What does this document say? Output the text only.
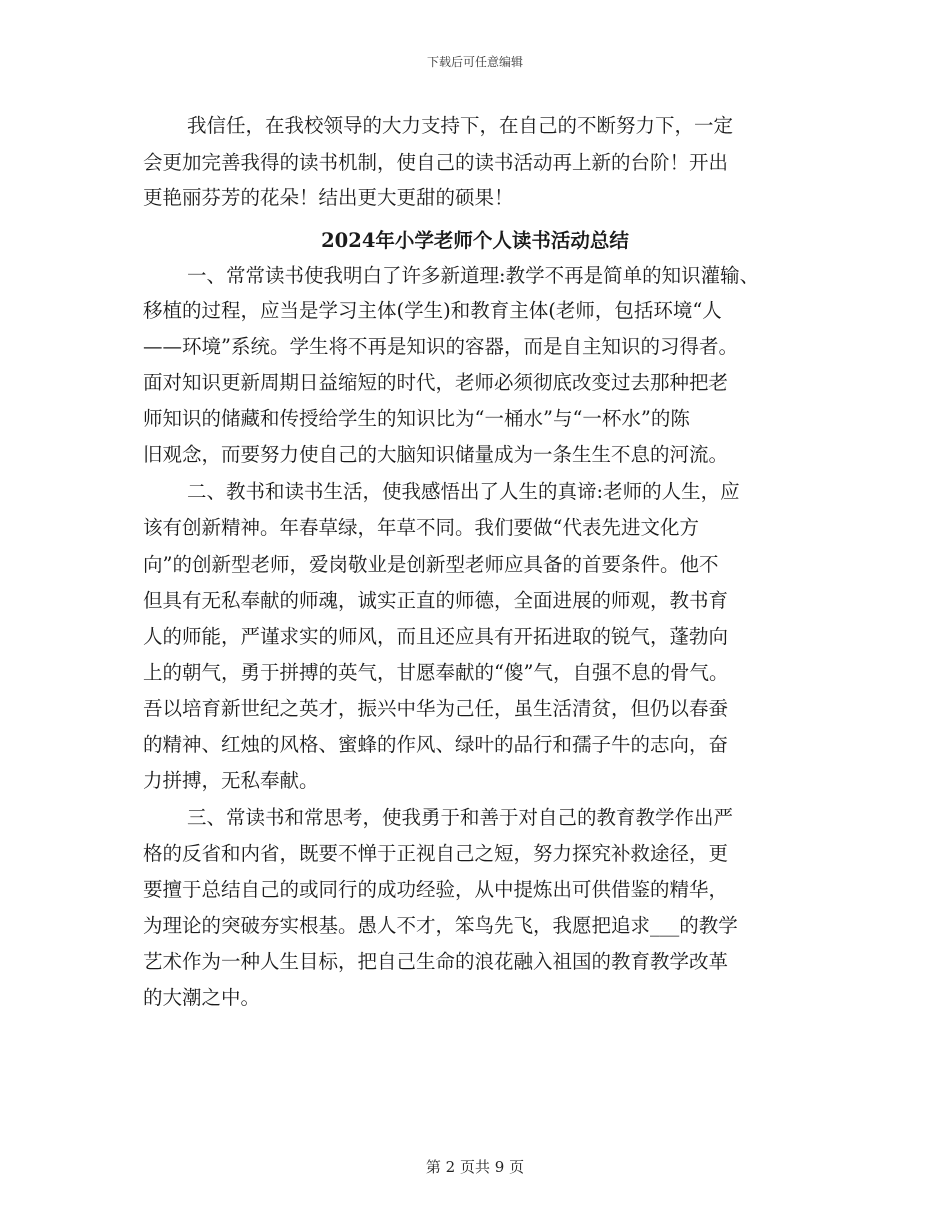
下载后可任意编辑
我信任，在我校领导的大力支持下，在自己的不断努力下，一定
会更加完善我得的读书机制，使自己的读书活动再上新的台阶！开出
更艳丽芬芳的花朵！结出更大更甜的硕果！
2024年小学老师个人读书活动总结
一、常常读书使我明白了许多新道理:教学不再是简单的知识灌输、
移植的过程，应当是学习主体(学生)和教育主体(老师，包括环境“人
——环境”系统。学生将不再是知识的容器，而是自主知识的习得者。
面对知识更新周期日益缩短的时代，老师必须彻底改变过去那种把老
师知识的储藏和传授给学生的知识比为“一桶水”与“一杯水”的陈
旧观念，而要努力使自己的大脑知识储量成为一条生生不息的河流。
二、教书和读书生活，使我感悟出了人生的真谛:老师的人生，应
该有创新精神。年春草绿，年草不同。我们要做“代表先进文化方
向”的创新型老师，爱岗敬业是创新型老师应具备的首要条件。他不
但具有无私奉献的师魂，诚实正直的师德，全面进展的师观，教书育
人的师能，严谨求实的师风，而且还应具有开拓进取的锐气，蓬勃向
上的朝气，勇于拼搏的英气，甘愿奉献的“傻”气，自强不息的骨气。
吾以培育新世纪之英才，振兴中华为己任，虽生活清贫，但仍以春蚕
的精神、红烛的风格、蜜蜂的作风、绿叶的品行和孺子牛的志向，奋
力拼搏，无私奉献。
三、常读书和常思考，使我勇于和善于对自己的教育教学作出严
格的反省和内省，既要不惮于正视自己之短，努力探究补救途径，更
要擅于总结自己的或同行的成功经验，从中提炼出可供借鉴的精华，
为理论的突破夯实根基。愚人不才，笨鸟先飞，我愿把追求___的教学
艺术作为一种人生目标，把自己生命的浪花融入祖国的教育教学改革
的大潮之中。
第 2 页共 9 页
